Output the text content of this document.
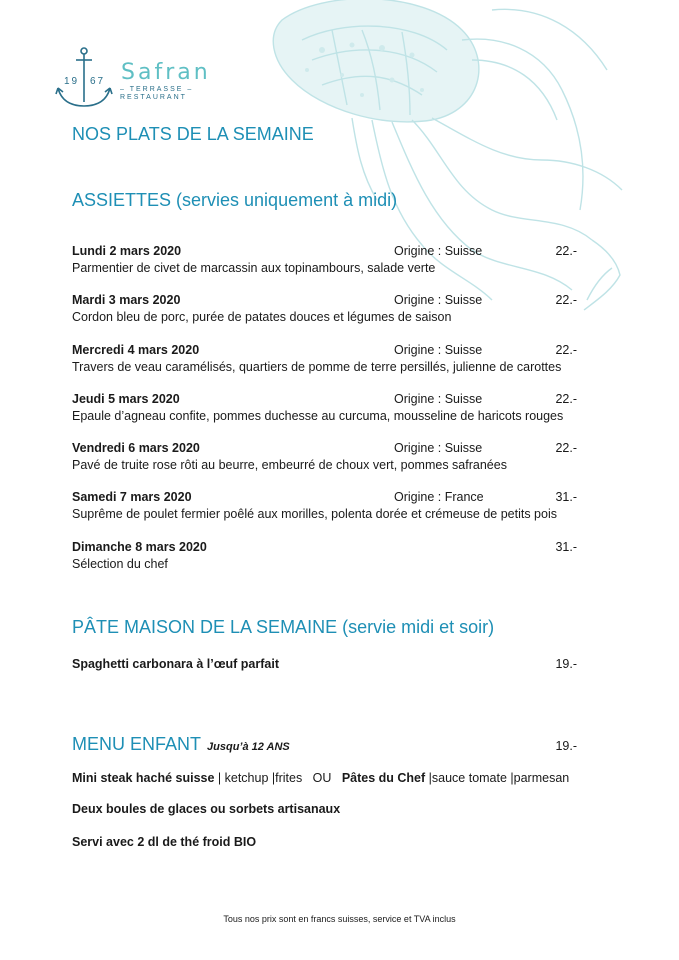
19 67 Safran
– TERRASSE –
RESTAURANT
NOS PLATS DE LA SEMAINE
ASSIETTES (servies uniquement à midi)
Lundi 2 mars 2020	Origine : Suisse	22.-
Parmentier de civet de marcassin aux topinambours, salade verte
Mardi 3 mars 2020	Origine : Suisse	22.-
Cordon bleu de porc, purée de patates douces et légumes de saison
Mercredi 4 mars 2020	Origine : Suisse	22.-
Travers de veau caramélisés, quartiers de pomme de terre persillés, julienne de carottes
Jeudi 5 mars 2020	Origine : Suisse	22.-
Epaule d’agneau confite, pommes duchesse au curcuma, mousseline de haricots rouges
Vendredi 6 mars 2020	Origine : Suisse	22.-
Pavé de truite rose rôti au beurre, embeurré de choux vert, pommes safranées
Samedi 7 mars 2020	Origine : France	31.-
Suprême de poulet fermier poêlé aux morilles, polenta dorée et crémeuse de petits pois
Dimanche 8 mars 2020	31.-
Sélection du chef
PÂTE MAISON DE LA SEMAINE (servie midi et soir)
Spaghetti carbonara à l’œuf parfait	19.-
MENU ENFANT Jusqu’à 12 ANS	19.-
Mini steak haché suisse | ketchup |frites OU Pâtes du Chef |sauce tomate |parmesan
Deux boules de glaces ou sorbets artisanaux
Servi avec 2 dl de thé froid BIO
Tous nos prix sont en francs suisses, service et TVA inclus
